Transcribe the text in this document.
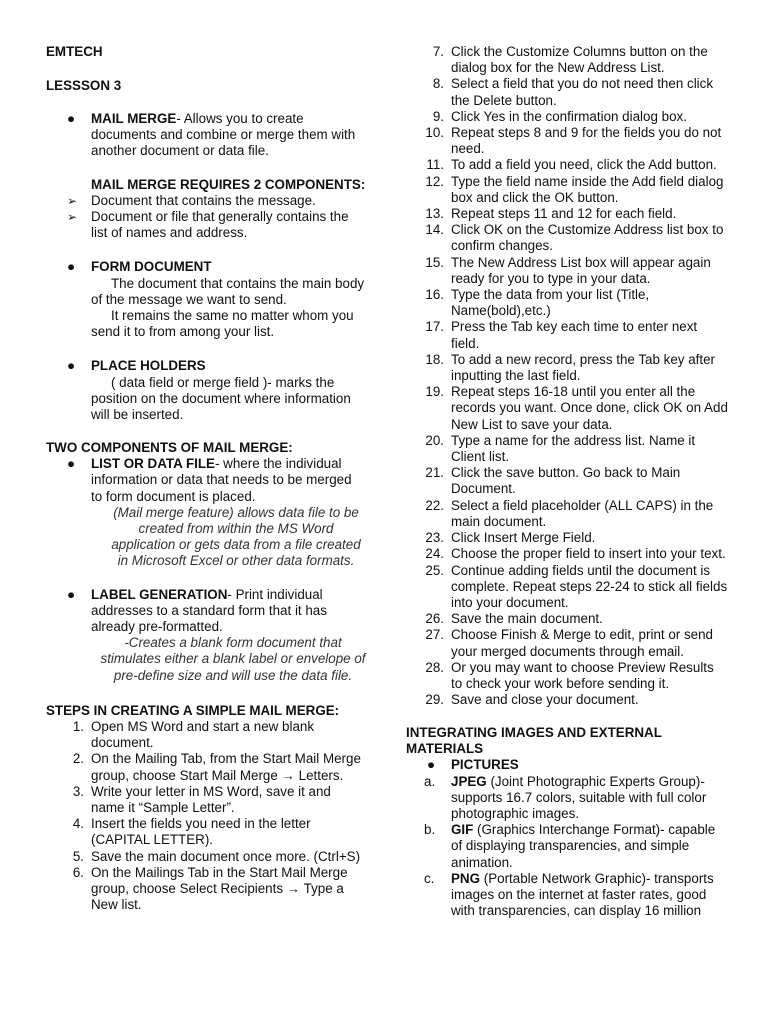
EMTECH
LESSSON 3
● MAIL MERGE- Allows you to create documents and combine or merge them with another document or data file.
MAIL MERGE REQUIRES 2 COMPONENTS:
➢ Document that contains the message.
➢ Document or file that generally contains the list of names and address.
● FORM DOCUMENT
The document that contains the main body of the message we want to send.
It remains the same no matter whom you send it to from among your list.
● PLACE HOLDERS
( data field or merge field )- marks the position on the document where information will be inserted.
TWO COMPONENTS OF MAIL MERGE:
● LIST OR DATA FILE- where the individual information or data that needs to be merged to form document is placed.
(Mail merge feature) allows data file to be created from within the MS Word application or gets data from a file created in Microsoft Excel or other data formats.
● LABEL GENERATION- Print individual addresses to a standard form that it has already pre-formatted.
-Creates a blank form document that stimulates either a blank label or envelope of pre-define size and will use the data file.
STEPS IN CREATING A SIMPLE MAIL MERGE:
1. Open MS Word and start a new blank document.
2. On the Mailing Tab, from the Start Mail Merge group, choose Start Mail Merge → Letters.
3. Write your letter in MS Word, save it and name it “Sample Letter”.
4. Insert the fields you need in the letter (CAPITAL LETTER).
5. Save the main document once more. (Ctrl+S)
6. On the Mailings Tab in the Start Mail Merge group, choose Select Recipients → Type a New list.
7. Click the Customize Columns button on the dialog box for the New Address List.
8. Select a field that you do not need then click the Delete button.
9. Click Yes in the confirmation dialog box.
10. Repeat steps 8 and 9 for the fields you do not need.
11. To add a field you need, click the Add button.
12. Type the field name inside the Add field dialog box and click the OK button.
13. Repeat steps 11 and 12 for each field.
14. Click OK on the Customize Address list box to confirm changes.
15. The New Address List box will appear again ready for you to type in your data.
16. Type the data from your list (Title, Name(bold),etc.)
17. Press the Tab key each time to enter next field.
18. To add a new record, press the Tab key after inputting the last field.
19. Repeat steps 16-18 until you enter all the records you want. Once done, click OK on Add New List to save your data.
20. Type a name for the address list. Name it Client list.
21. Click the save button. Go back to Main Document.
22. Select a field placeholder (ALL CAPS) in the main document.
23. Click Insert Merge Field.
24. Choose the proper field to insert into your text.
25. Continue adding fields until the document is complete. Repeat steps 22-24 to stick all fields into your document.
26. Save the main document.
27. Choose Finish & Merge to edit, print or send your merged documents through email.
28. Or you may want to choose Preview Results to check your work before sending it.
29. Save and close your document.
INTEGRATING IMAGES AND EXTERNAL MATERIALS
● PICTURES
a. JPEG (Joint Photographic Experts Group)- supports 16.7 colors, suitable with full color photographic images.
b. GIF (Graphics Interchange Format)- capable of displaying transparencies, and simple animation.
c. PNG (Portable Network Graphic)- transports images on the internet at faster rates, good with transparencies, can display 16 million
